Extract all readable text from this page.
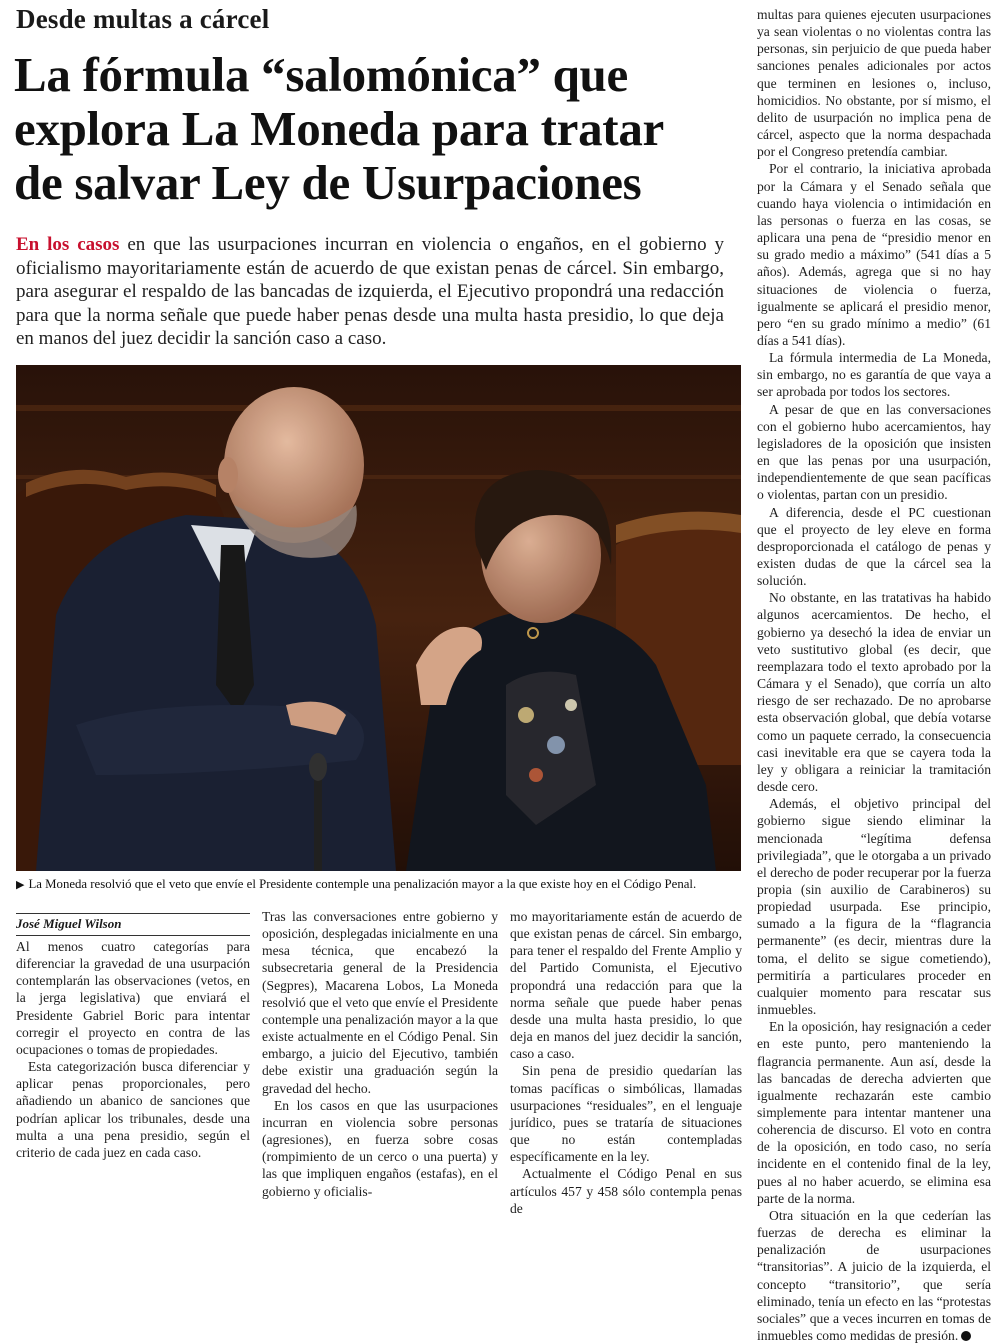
Desde multas a cárcel
La fórmula “salomónica” que
explora La Moneda para tratar
de salvar Ley de Usurpaciones

En los casos en que las usurpaciones incurran en violencia o engaños, en el gobierno y oficialismo mayoritariamente están de acuerdo de que existan penas de cárcel. Sin embargo, para asegurar el respaldo de las bancadas de izquierda, el Ejecutivo propondrá una redacción para que la norma señale que puede haber penas desde una multa hasta presidio, lo que deja en manos del juez decidir la sanción caso a caso.

▶ La Moneda resolvió que el veto que envíe el Presidente contemple una penalización mayor a la que existe hoy en el Código Penal.
José Miguel Wilson

Al menos cuatro categorías para diferenciar la gravedad de una usurpación contemplarán las observaciones (vetos, en la jerga legislativa) que enviará el Presidente Gabriel Boric para intentar corregir el proyecto en contra de las ocupaciones o tomas de propiedades.

Esta categorización busca diferenciar y aplicar penas proporcionales, pero añadiendo un abanico de sanciones que podrían aplicar los tribunales, desde una multa a una pena presidio, según el criterio de cada juez en cada caso.

Tras las conversaciones entre gobierno y oposición, desplegadas inicialmente en una mesa técnica, que encabezó la subsecretaria general de la Presidencia (Segpres), Macarena Lobos, La Moneda resolvió que el veto que envíe el Presidente contemple una penalización mayor a la que existe actualmente en el Código Penal. Sin embargo, a juicio del Ejecutivo, también debe existir una graduación según la gravedad del hecho.

En los casos en que las usurpaciones incurran en violencia sobre personas (agresiones), en fuerza sobre cosas (rompimiento de un cerco o una puerta) y las que impliquen engaños (estafas), en el gobierno y oficialis-

mo mayoritariamente están de acuerdo de que existan penas de cárcel. Sin embargo, para tener el respaldo del Frente Amplio y del Partido Comunista, el Ejecutivo propondrá una redacción para que la norma señale que puede haber penas desde una multa hasta presidio, lo que deja en manos del juez decidir la sanción, caso a caso.

Sin pena de presidio quedarían las tomas pacíficas o simbólicas, llamadas usurpaciones “residuales”, en el lenguaje jurídico, pues se trataría de situaciones que no están contempladas específicamente en la ley.

Actualmente el Código Penal en sus artículos 457 y 458 sólo contempla penas de

multas para quienes ejecuten usurpaciones ya sean violentas o no violentas contra las personas, sin perjuicio de que pueda haber sanciones penales adicionales por actos que terminen en lesiones o, incluso, homicidios. No obstante, por sí mismo, el delito de usurpación no implica pena de cárcel, aspecto que la norma despachada por el Congreso pretendía cambiar.

Por el contrario, la iniciativa aprobada por la Cámara y el Senado señala que cuando haya violencia o intimidación en las personas o fuerza en las cosas, se aplicara una pena de “presidio menor en su grado medio a máximo” (541 días a 5 años). Además, agrega que si no hay situaciones de violencia o fuerza, igualmente se aplicará el presidio menor, pero “en su grado mínimo a medio” (61 días a 541 días).

La fórmula intermedia de La Moneda, sin embargo, no es garantía de que vaya a ser aprobada por todos los sectores.

A pesar de que en las conversaciones con el gobierno hubo acercamientos, hay legisladores de la oposición que insisten en que las penas por una usurpación, independientemente de que sean pacíficas o violentas, partan con un presidio.

A diferencia, desde el PC cuestionan que el proyecto de ley eleve en forma desproporcionada el catálogo de penas y existen dudas de que la cárcel sea la solución.

No obstante, en las tratativas ha habido algunos acercamientos. De hecho, el gobierno ya desechó la idea de enviar un veto sustitutivo global (es decir, que reemplazara todo el texto aprobado por la Cámara y el Senado), que corría un alto riesgo de ser rechazado. De no aprobarse esta observación global, que debía votarse como un paquete cerrado, la consecuencia casi inevitable era que se cayera toda la ley y obligara a reiniciar la tramitación desde cero.

Además, el objetivo principal del gobierno sigue siendo eliminar la mencionada “legítima defensa privilegiada”, que le otorgaba a un privado el derecho de poder recuperar por la fuerza propia (sin auxilio de Carabineros) su propiedad usurpada. Ese principio, sumado a la figura de la “flagrancia permanente” (es decir, mientras dure la toma, el delito se sigue cometiendo), permitiría a particulares proceder en cualquier momento para rescatar sus inmuebles.

En la oposición, hay resignación a ceder en este punto, pero manteniendo la flagrancia permanente. Aun así, desde la las bancadas de derecha advierten que igualmente rechazarán este cambio simplemente para intentar mantener una coherencia de discurso. El voto en contra de la oposición, en todo caso, no sería incidente en el contenido final de la ley, pues al no haber acuerdo, se elimina esa parte de la norma.

Otra situación en la que cederían las fuerzas de derecha es eliminar la penalización de usurpaciones “transitorias”. A juicio de la izquierda, el concepto “transitorio”, que sería eliminado, tenía un efecto en las “protestas sociales” que a veces incurren en tomas de inmuebles como medidas de presión.
